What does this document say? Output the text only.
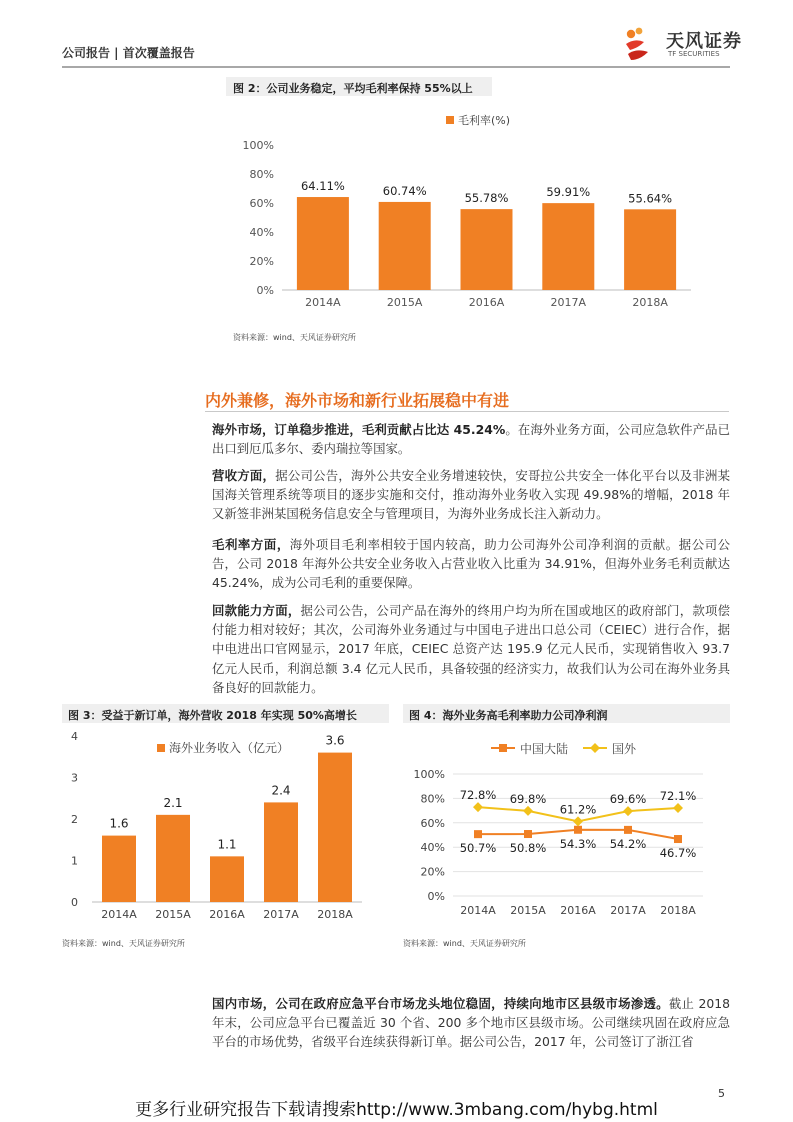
公司报告 | 首次覆盖报告
天风证券
TF SECURITIES
图 2：公司业务稳定，平均毛利率保持 55%以上
0%
20%
40%
60%
80%
100%
64.11%
2014A
60.74%
2015A
55.78%
2016A
59.91%
2017A
55.64%
2018A
毛利率(%)
资料来源：wind、天风证券研究所
内外兼修，海外市场和新行业拓展稳中有进
海外市场，订单稳步推进，毛利贡献占比达 45.24%。在海外业务方面，公司应急软件产品已出口到厄瓜多尔、委内瑞拉等国家。
营收方面，据公司公告，海外公共安全业务增速较快，安哥拉公共安全一体化平台以及非洲某国海关管理系统等项目的逐步实施和交付，推动海外业务收入实现 49.98%的增幅，2018 年又新签非洲某国税务信息安全与管理项目，为海外业务成长注入新动力。
毛利率方面，海外项目毛利率相较于国内较高，助力公司海外公司净利润的贡献。据公司公告，公司 2018 年海外公共安全业务收入占营业收入比重为 34.91%，但海外业务毛利贡献达 45.24%，成为公司毛利的重要保障。
回款能力方面，据公司公告，公司产品在海外的终用户均为所在国或地区的政府部门，款项偿付能力相对较好；其次，公司海外业务通过与中国电子进出口总公司（CEIEC）进行合作，据中电进出口官网显示，2017 年底，CEIEC 总资产达 195.9 亿元人民币，实现销售收入 93.7 亿元人民币，利润总额 3.4 亿元人民币，具备较强的经济实力，故我们认为公司在海外业务具备良好的回款能力。
图 3：受益于新订单，海外营收 2018 年实现 50%高增长
0
1
2
3
4
1.6
2014A
2.1
2015A
1.1
2016A
2.4
2017A
3.6
2018A
海外业务收入（亿元）
资料来源：wind、天风证券研究所
图 4：海外业务高毛利率助力公司净利润
0%
20%
40%
60%
80%
100%
2014A 2015A 2016A 2017A 2018A
50.7% 50.8% 54.3% 54.2%
46.7%
72.8% 69.8%
61.2%
69.6% 72.1%
中国大陆	国外
资料来源：wind、天风证券研究所
国内市场，公司在政府应急平台市场龙头地位稳固，持续向地市区县级市场渗透。截止 2018 年末，公司应急平台已覆盖近 30 个省、200 多个地市区县级市场。公司继续巩固在政府应急平台的市场优势，省级平台连续获得新订单。据公司公告，2017 年，公司签订了浙江省
5
更多行业研究报告下载请搜索http://www.3mbang.com/hybg.html
